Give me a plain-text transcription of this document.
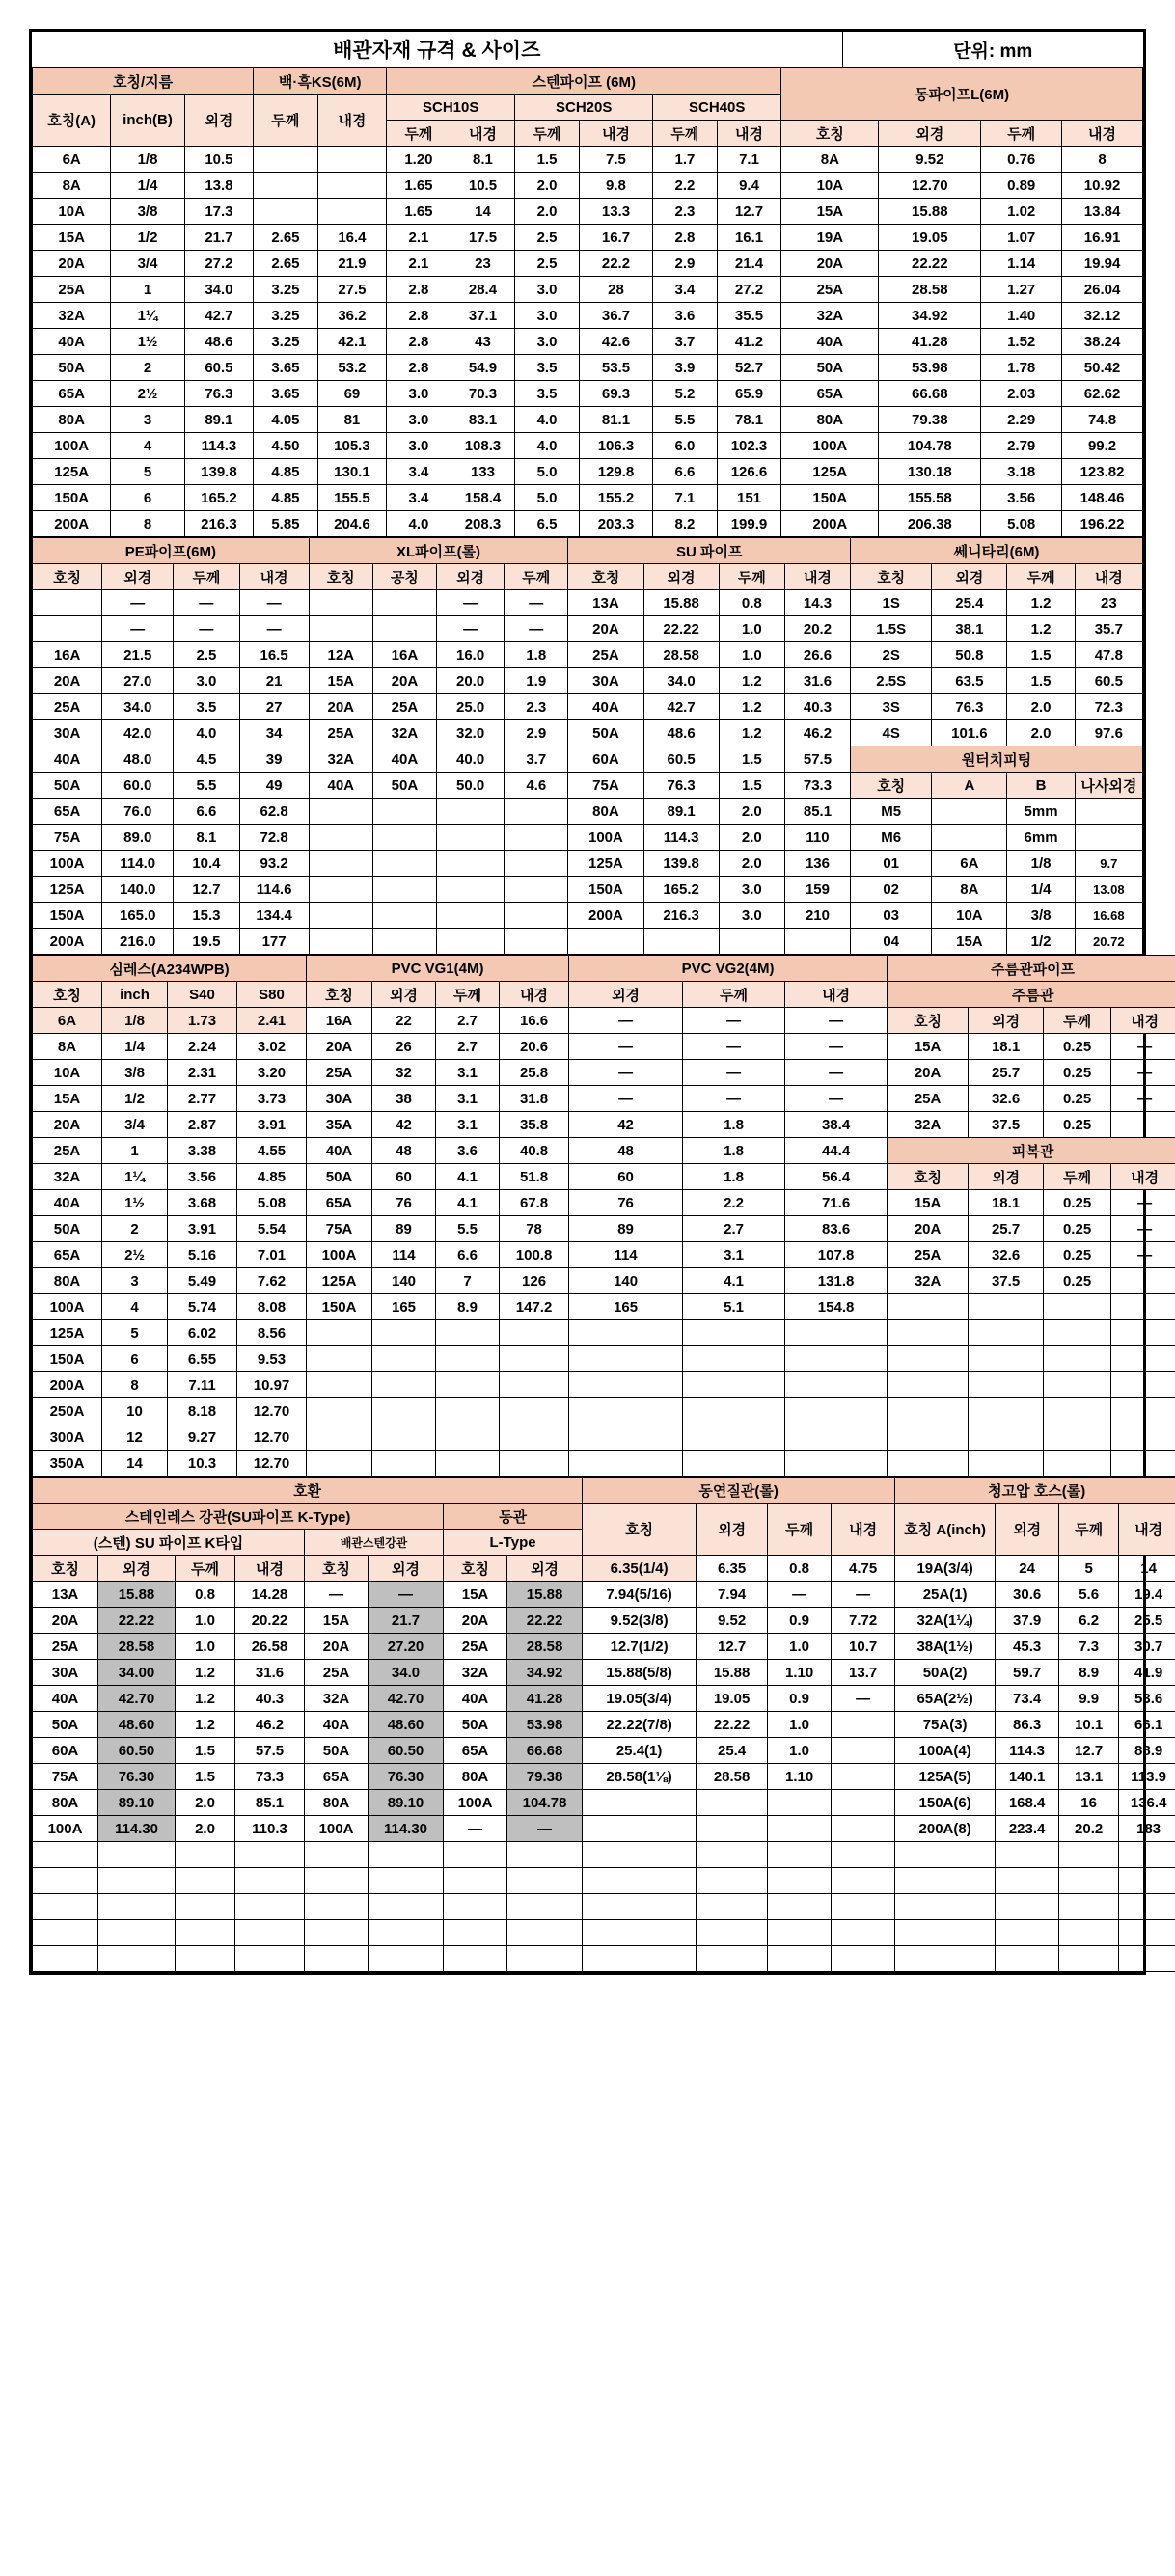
배관자재 규격 & 사이즈	단위: mm
호칭/지름			백·흑KS(6M)		스텐파이프 (6M)						동파이프L(6M)			
호칭(A)	inch(B)	외경	두께	내경	SCH10S		SCH20S		SCH40S					
					두께	내경	두께	내경	두께	내경	호칭	외경	두께	내경
6A	1/8	10.5			1.20	8.1	1.5	7.5	1.7	7.1	8A	9.52	0.76	8
8A	1/4	13.8			1.65	10.5	2.0	9.8	2.2	9.4	10A	12.70	0.89	10.92
10A	3/8	17.3			1.65	14	2.0	13.3	2.3	12.7	15A	15.88	1.02	13.84
15A	1/2	21.7	2.65	16.4	2.1	17.5	2.5	16.7	2.8	16.1	19A	19.05	1.07	16.91
20A	3/4	27.2	2.65	21.9	2.1	23	2.5	22.2	2.9	21.4	20A	22.22	1.14	19.94
25A	1	34.0	3.25	27.5	2.8	28.4	3.0	28	3.4	27.2	25A	28.58	1.27	26.04
32A	1¼	42.7	3.25	36.2	2.8	37.1	3.0	36.7	3.6	35.5	32A	34.92	1.40	32.12
40A	1½	48.6	3.25	42.1	2.8	43	3.0	42.6	3.7	41.2	40A	41.28	1.52	38.24
50A	2	60.5	3.65	53.2	2.8	54.9	3.5	53.5	3.9	52.7	50A	53.98	1.78	50.42
65A	2½	76.3	3.65	69	3.0	70.3	3.5	69.3	5.2	65.9	65A	66.68	2.03	62.62
80A	3	89.1	4.05	81	3.0	83.1	4.0	81.1	5.5	78.1	80A	79.38	2.29	74.8
100A	4	114.3	4.50	105.3	3.0	108.3	4.0	106.3	6.0	102.3	100A	104.78	2.79	99.2
125A	5	139.8	4.85	130.1	3.4	133	5.0	129.8	6.6	126.6	125A	130.18	3.18	123.82
150A	6	165.2	4.85	155.5	3.4	158.4	5.0	155.2	7.1	151	150A	155.58	3.56	148.46
200A	8	216.3	5.85	204.6	4.0	208.3	6.5	203.3	8.2	199.9	200A	206.38	5.08	196.22
PE파이프(6M)				XL파이프(롤)				SU 파이프				쎄니타리(6M)			
호칭	외경	두께	내경	호칭	공칭	외경	두께	호칭	외경	두께	내경	호칭	외경	두께	내경
	—	—	—			—	—	13A	15.88	0.8	14.3	1S	25.4	1.2	23
	—	—	—			—	—	20A	22.22	1.0	20.2	1.5S	38.1	1.2	35.7
16A	21.5	2.5	16.5	12A	16A	16.0	1.8	25A	28.58	1.0	26.6	2S	50.8	1.5	47.8
20A	27.0	3.0	21	15A	20A	20.0	1.9	30A	34.0	1.2	31.6	2.5S	63.5	1.5	60.5
25A	34.0	3.5	27	20A	25A	25.0	2.3	40A	42.7	1.2	40.3	3S	76.3	2.0	72.3
30A	42.0	4.0	34	25A	32A	32.0	2.9	50A	48.6	1.2	46.2	4S	101.6	2.0	97.6
40A	48.0	4.5	39	32A	40A	40.0	3.7	60A	60.5	1.5	57.5	원터치피팅			
50A	60.0	5.5	49	40A	50A	50.0	4.6	75A	76.3	1.5	73.3	호칭	A	B	나사외경
65A	76.0	6.6	62.8					80A	89.1	2.0	85.1	M5		5mm	
75A	89.0	8.1	72.8					100A	114.3	2.0	110	M6		6mm	
100A	114.0	10.4	93.2					125A	139.8	2.0	136	01	6A	1/8	9.7
125A	140.0	12.7	114.6					150A	165.2	3.0	159	02	8A	1/4	13.08
150A	165.0	15.3	134.4					200A	216.3	3.0	210	03	10A	3/8	16.68
200A	216.0	19.5	177									04	15A	1/2	20.72
심레스(A234WPB)				PVC VG1(4M)				PVC VG2(4M)			주름관파이프			
호칭	inch	S40	S80	호칭	외경	두께	내경	외경	두께	내경	주름관			
6A	1/8	1.73	2.41	16A	22	2.7	16.6	—	—	—	호칭	외경	두께	내경
8A	1/4	2.24	3.02	20A	26	2.7	20.6	—	—	—	15A	18.1	0.25	—
10A	3/8	2.31	3.20	25A	32	3.1	25.8	—	—	—	20A	25.7	0.25	—
15A	1/2	2.77	3.73	30A	38	3.1	31.8	—	—	—	25A	32.6	0.25	—
20A	3/4	2.87	3.91	35A	42	3.1	35.8	42	1.8	38.4	32A	37.5	0.25	
25A	1	3.38	4.55	40A	48	3.6	40.8	48	1.8	44.4	피복관			
32A	1¼	3.56	4.85	50A	60	4.1	51.8	60	1.8	56.4	호칭	외경	두께	내경
40A	1½	3.68	5.08	65A	76	4.1	67.8	76	2.2	71.6	15A	18.1	0.25	—
50A	2	3.91	5.54	75A	89	5.5	78	89	2.7	83.6	20A	25.7	0.25	—
65A	2½	5.16	7.01	100A	114	6.6	100.8	114	3.1	107.8	25A	32.6	0.25	—
80A	3	5.49	7.62	125A	140	7	126	140	4.1	131.8	32A	37.5	0.25	
100A	4	5.74	8.08	150A	165	8.9	147.2	165	5.1	154.8				
125A	5	6.02	8.56											
150A	6	6.55	9.53											
200A	8	7.11	10.97											
250A	10	8.18	12.70											
300A	12	9.27	12.70											
350A	14	10.3	12.70											
호환								동연질관(롤)				청고압 호스(롤)			
스테인레스 강관(SU파이프 K-Type)						동관		호칭	외경	두께	내경	호칭 A(inch)	외경	두께	내경
(스텐) SU 파이프 K타입				배관스텐강관		L-Type									
호칭	외경	두께	내경	호칭	외경	호칭	외경	6.35(1/4)	6.35	0.8	4.75	19A(3/4)	24	5	14
13A	15.88	0.8	14.28	—	—	15A	15.88	7.94(5/16)	7.94	—	—	25A(1)	30.6	5.6	19.4
20A	22.22	1.0	20.22	15A	21.7	20A	22.22	9.52(3/8)	9.52	0.9	7.72	32A(1¼)	37.9	6.2	25.5
25A	28.58	1.0	26.58	20A	27.20	25A	28.58	12.7(1/2)	12.7	1.0	10.7	38A(1½)	45.3	7.3	30.7
30A	34.00	1.2	31.6	25A	34.0	32A	34.92	15.88(5/8)	15.88	1.10	13.7	50A(2)	59.7	8.9	41.9
40A	42.70	1.2	40.3	32A	42.70	40A	41.28	19.05(3/4)	19.05	0.9	—	65A(2½)	73.4	9.9	53.6
50A	48.60	1.2	46.2	40A	48.60	50A	53.98	22.22(7/8)	22.22	1.0		75A(3)	86.3	10.1	66.1
60A	60.50	1.5	57.5	50A	60.50	65A	66.68	25.4(1)	25.4	1.0		100A(4)	114.3	12.7	88.9
75A	76.30	1.5	73.3	65A	76.30	80A	79.38	28.58(1⅛)	28.58	1.10		125A(5)	140.1	13.1	113.9
80A	89.10	2.0	85.1	80A	89.10	100A	104.78					150A(6)	168.4	16	136.4
100A	114.30	2.0	110.3	100A	114.30	—	—					200A(8)	223.4	20.2	183
